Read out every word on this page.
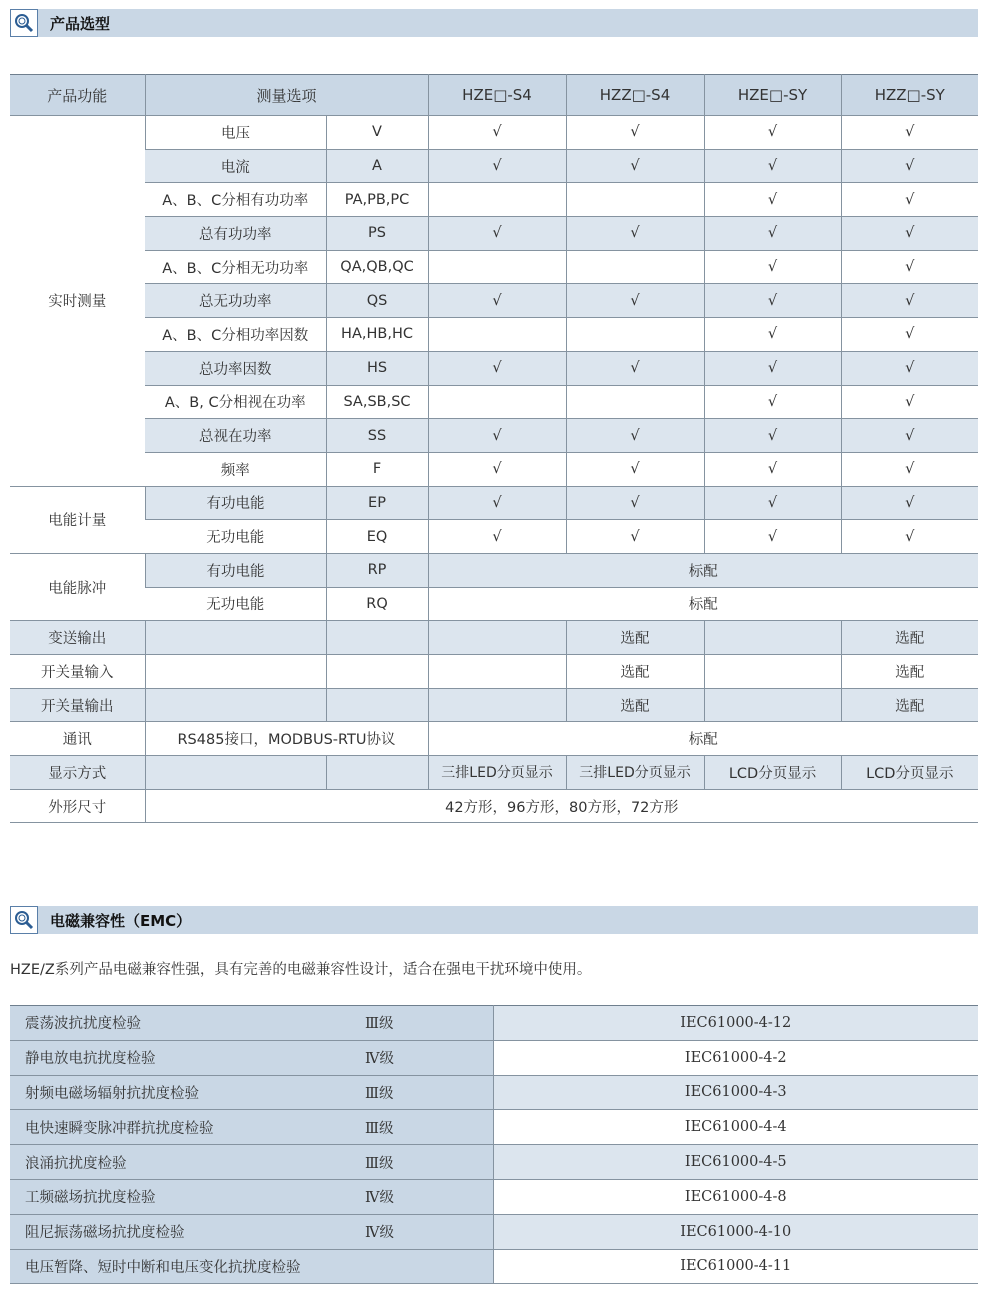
产品选型
产品功能	测量选项		HZE□-S4	HZZ□-S4	HZE□-SY	HZZ□-SY
实时测量	电压	V	√	√	√	√
	电流	A	√	√	√	√
	A、B、C分相有功功率	PA,PB,PC			√	√
	总有功功率	PS	√	√	√	√
	A、B、C分相无功功率	QA,QB,QC			√	√
	总无功功率	QS	√	√	√	√
	A、B、C分相功率因数	HA,HB,HC			√	√
	总功率因数	HS	√	√	√	√
	A、B, C分相视在功率	SA,SB,SC			√	√
	总视在功率	SS	√	√	√	√
	频率	F	√	√	√	√
电能计量	有功电能	EP	√	√	√	√
	无功电能	EQ	√	√	√	√
电能脉冲	有功电能	RP	标配			
	无功电能	RQ	标配			
变送输出				选配		选配
开关量输入				选配		选配
开关量输出				选配		选配
通讯	RS485接口，MODBUS-RTU协议		标配			
显示方式			三排LED分页显示	三排LED分页显示	LCD分页显示	LCD分页显示
外形尺寸	42方形，96方形，80方形，72方形					
电磁兼容性（EMC）
HZE/Z系列产品电磁兼容性强，具有完善的电磁兼容性设计，适合在强电干扰环境中使用。
震荡波抗扰度检验	Ⅲ级	IEC61000-4-12
静电放电抗扰度检验	Ⅳ级	IEC61000-4-2
射频电磁场辐射抗扰度检验	Ⅲ级	IEC61000-4-3
电快速瞬变脉冲群抗扰度检验	Ⅲ级	IEC61000-4-4
浪涌抗扰度检验	Ⅲ级	IEC61000-4-5
工频磁场抗扰度检验	Ⅳ级	IEC61000-4-8
阻尼振荡磁场抗扰度检验	Ⅳ级	IEC61000-4-10
电压暂降、短时中断和电压变化抗扰度检验		IEC61000-4-11
